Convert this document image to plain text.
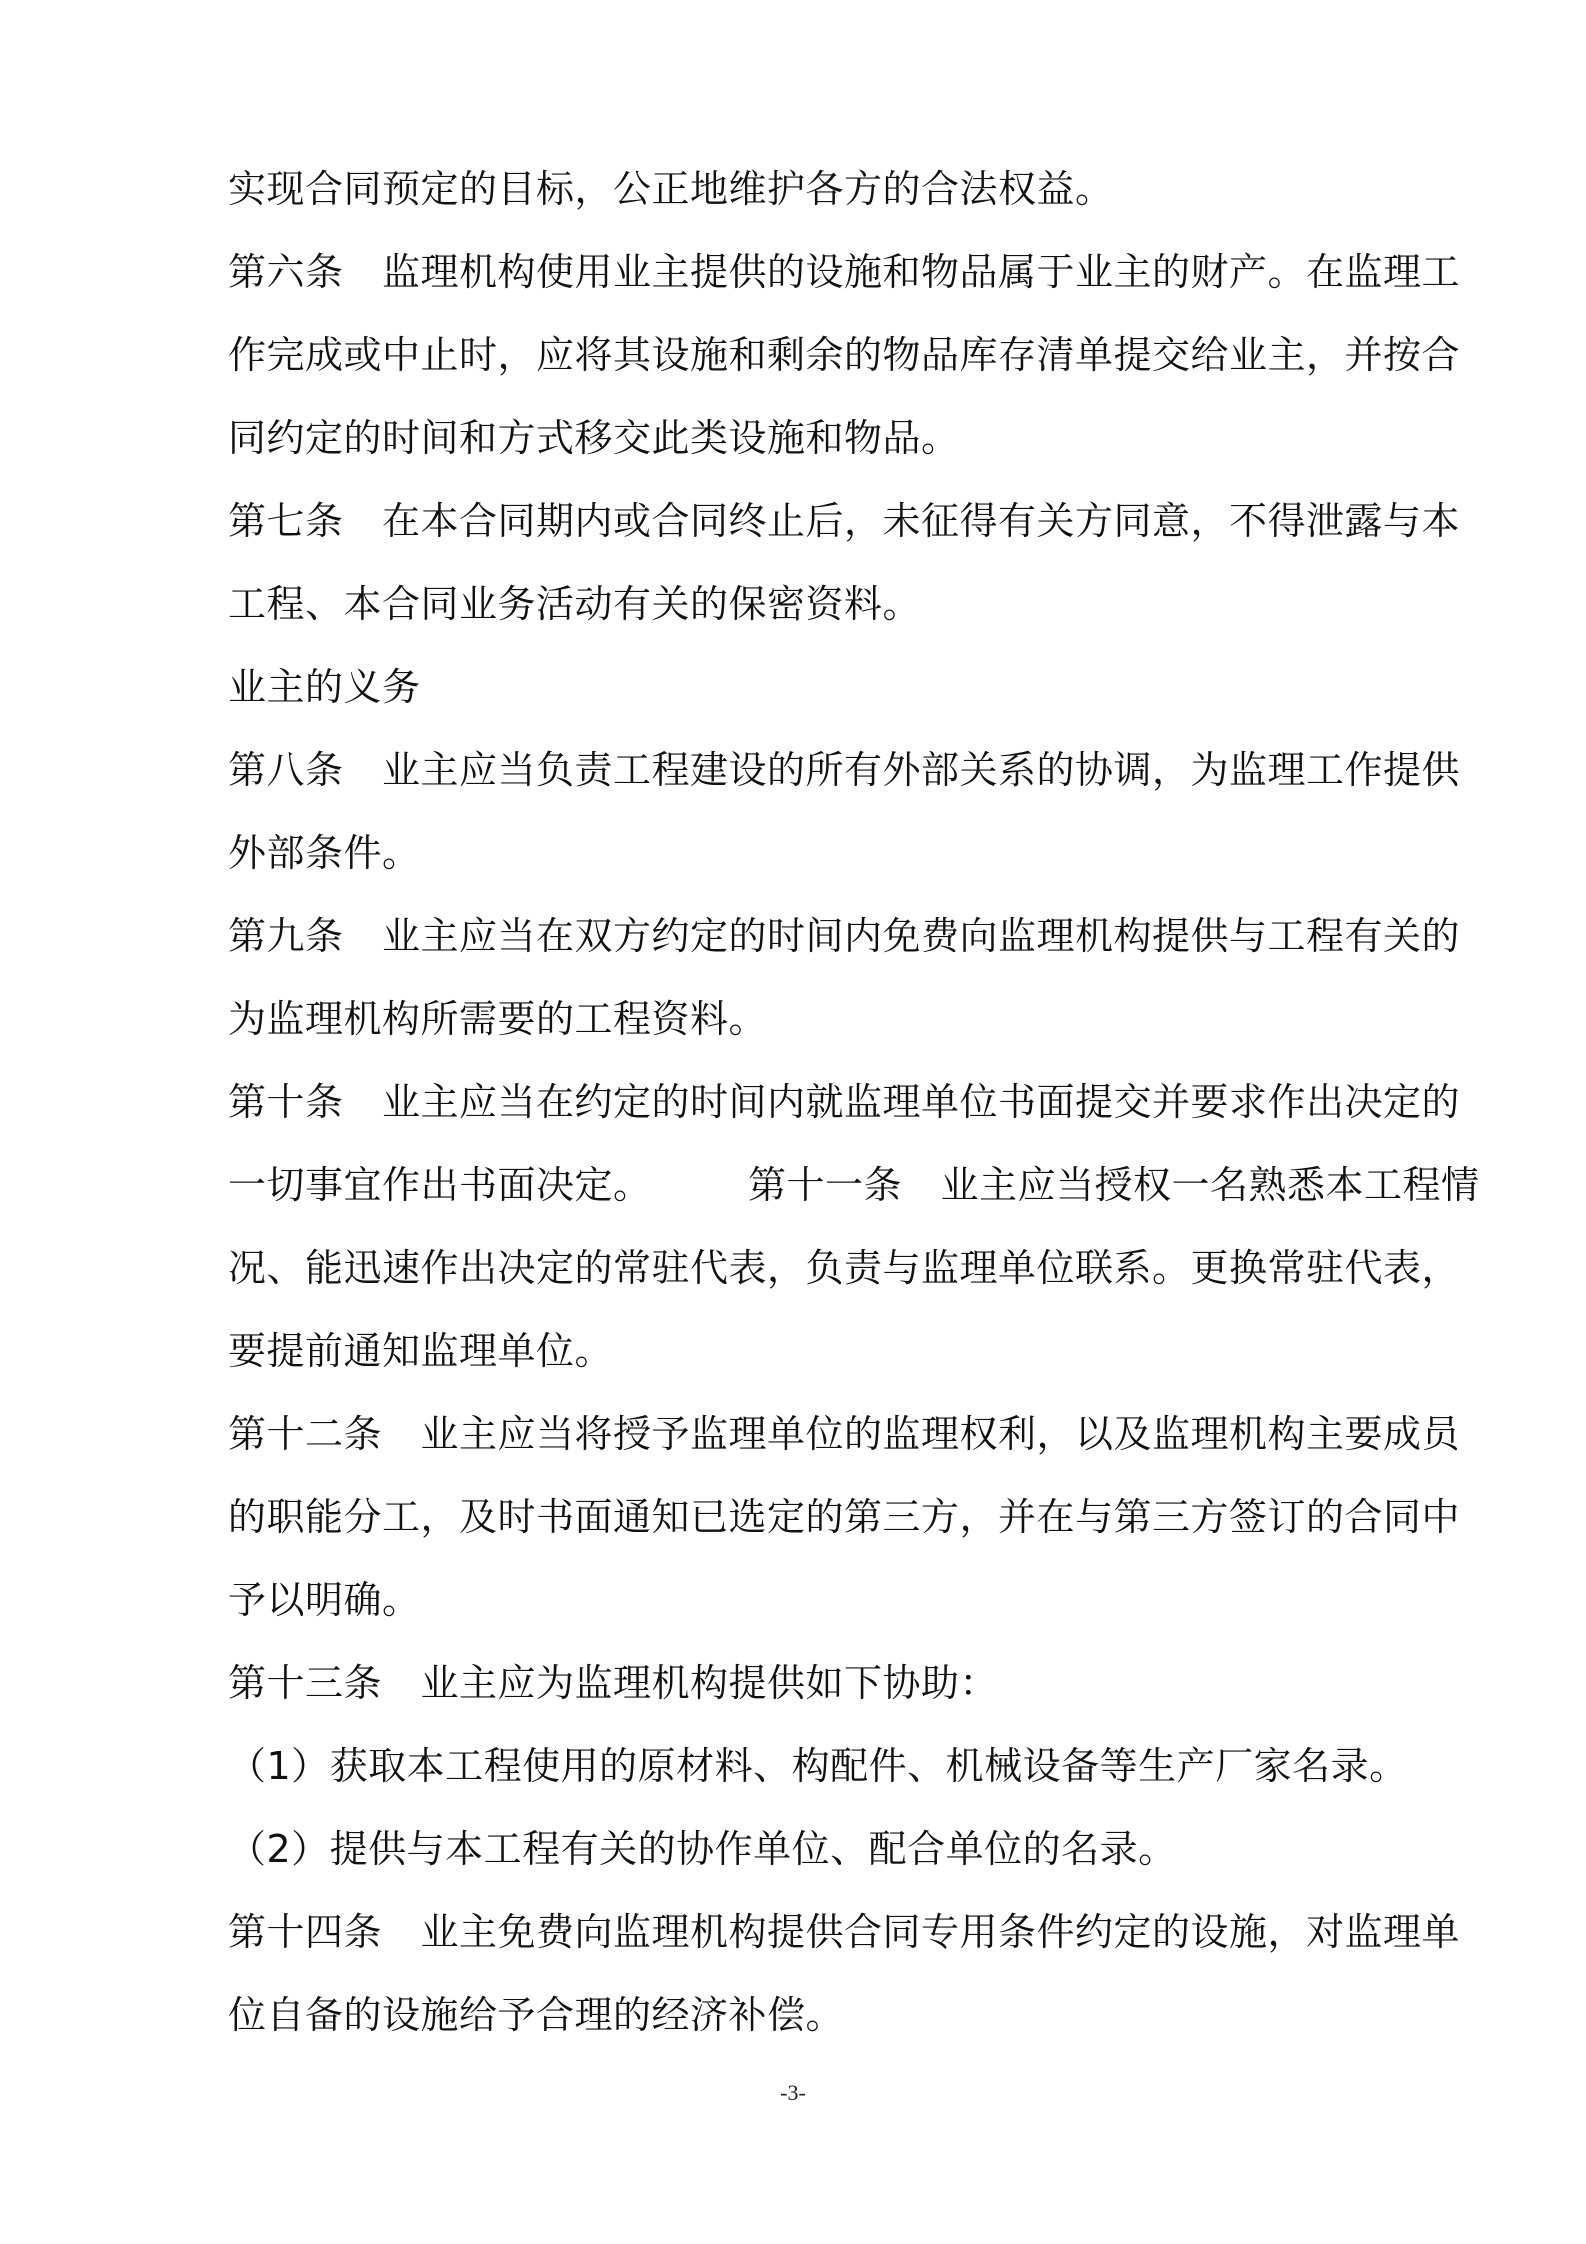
实现合同预定的目标，公正地维护各方的合法权益。
第六条　监理机构使用业主提供的设施和物品属于业主的财产。在监理工
作完成或中止时，应将其设施和剩余的物品库存清单提交给业主，并按合
同约定的时间和方式移交此类设施和物品。
第七条　在本合同期内或合同终止后，未征得有关方同意，不得泄露与本
工程、本合同业务活动有关的保密资料。
业主的义务
第八条　业主应当负责工程建设的所有外部关系的协调，为监理工作提供
外部条件。
第九条　业主应当在双方约定的时间内免费向监理机构提供与工程有关的
为监理机构所需要的工程资料。
第十条　业主应当在约定的时间内就监理单位书面提交并要求作出决定的
一切事宜作出书面决定。　　　第十一条　业主应当授权一名熟悉本工程情
况、能迅速作出决定的常驻代表，负责与监理单位联系。更换常驻代表，
要提前通知监理单位。
第十二条　业主应当将授予监理单位的监理权利，以及监理机构主要成员
的职能分工，及时书面通知已选定的第三方，并在与第三方签订的合同中
予以明确。
第十三条　业主应为监理机构提供如下协助：
（1）获取本工程使用的原材料、构配件、机械设备等生产厂家名录。
（2）提供与本工程有关的协作单位、配合单位的名录。
第十四条　业主免费向监理机构提供合同专用条件约定的设施，对监理单
位自备的设施给予合理的经济补偿。
-3-
